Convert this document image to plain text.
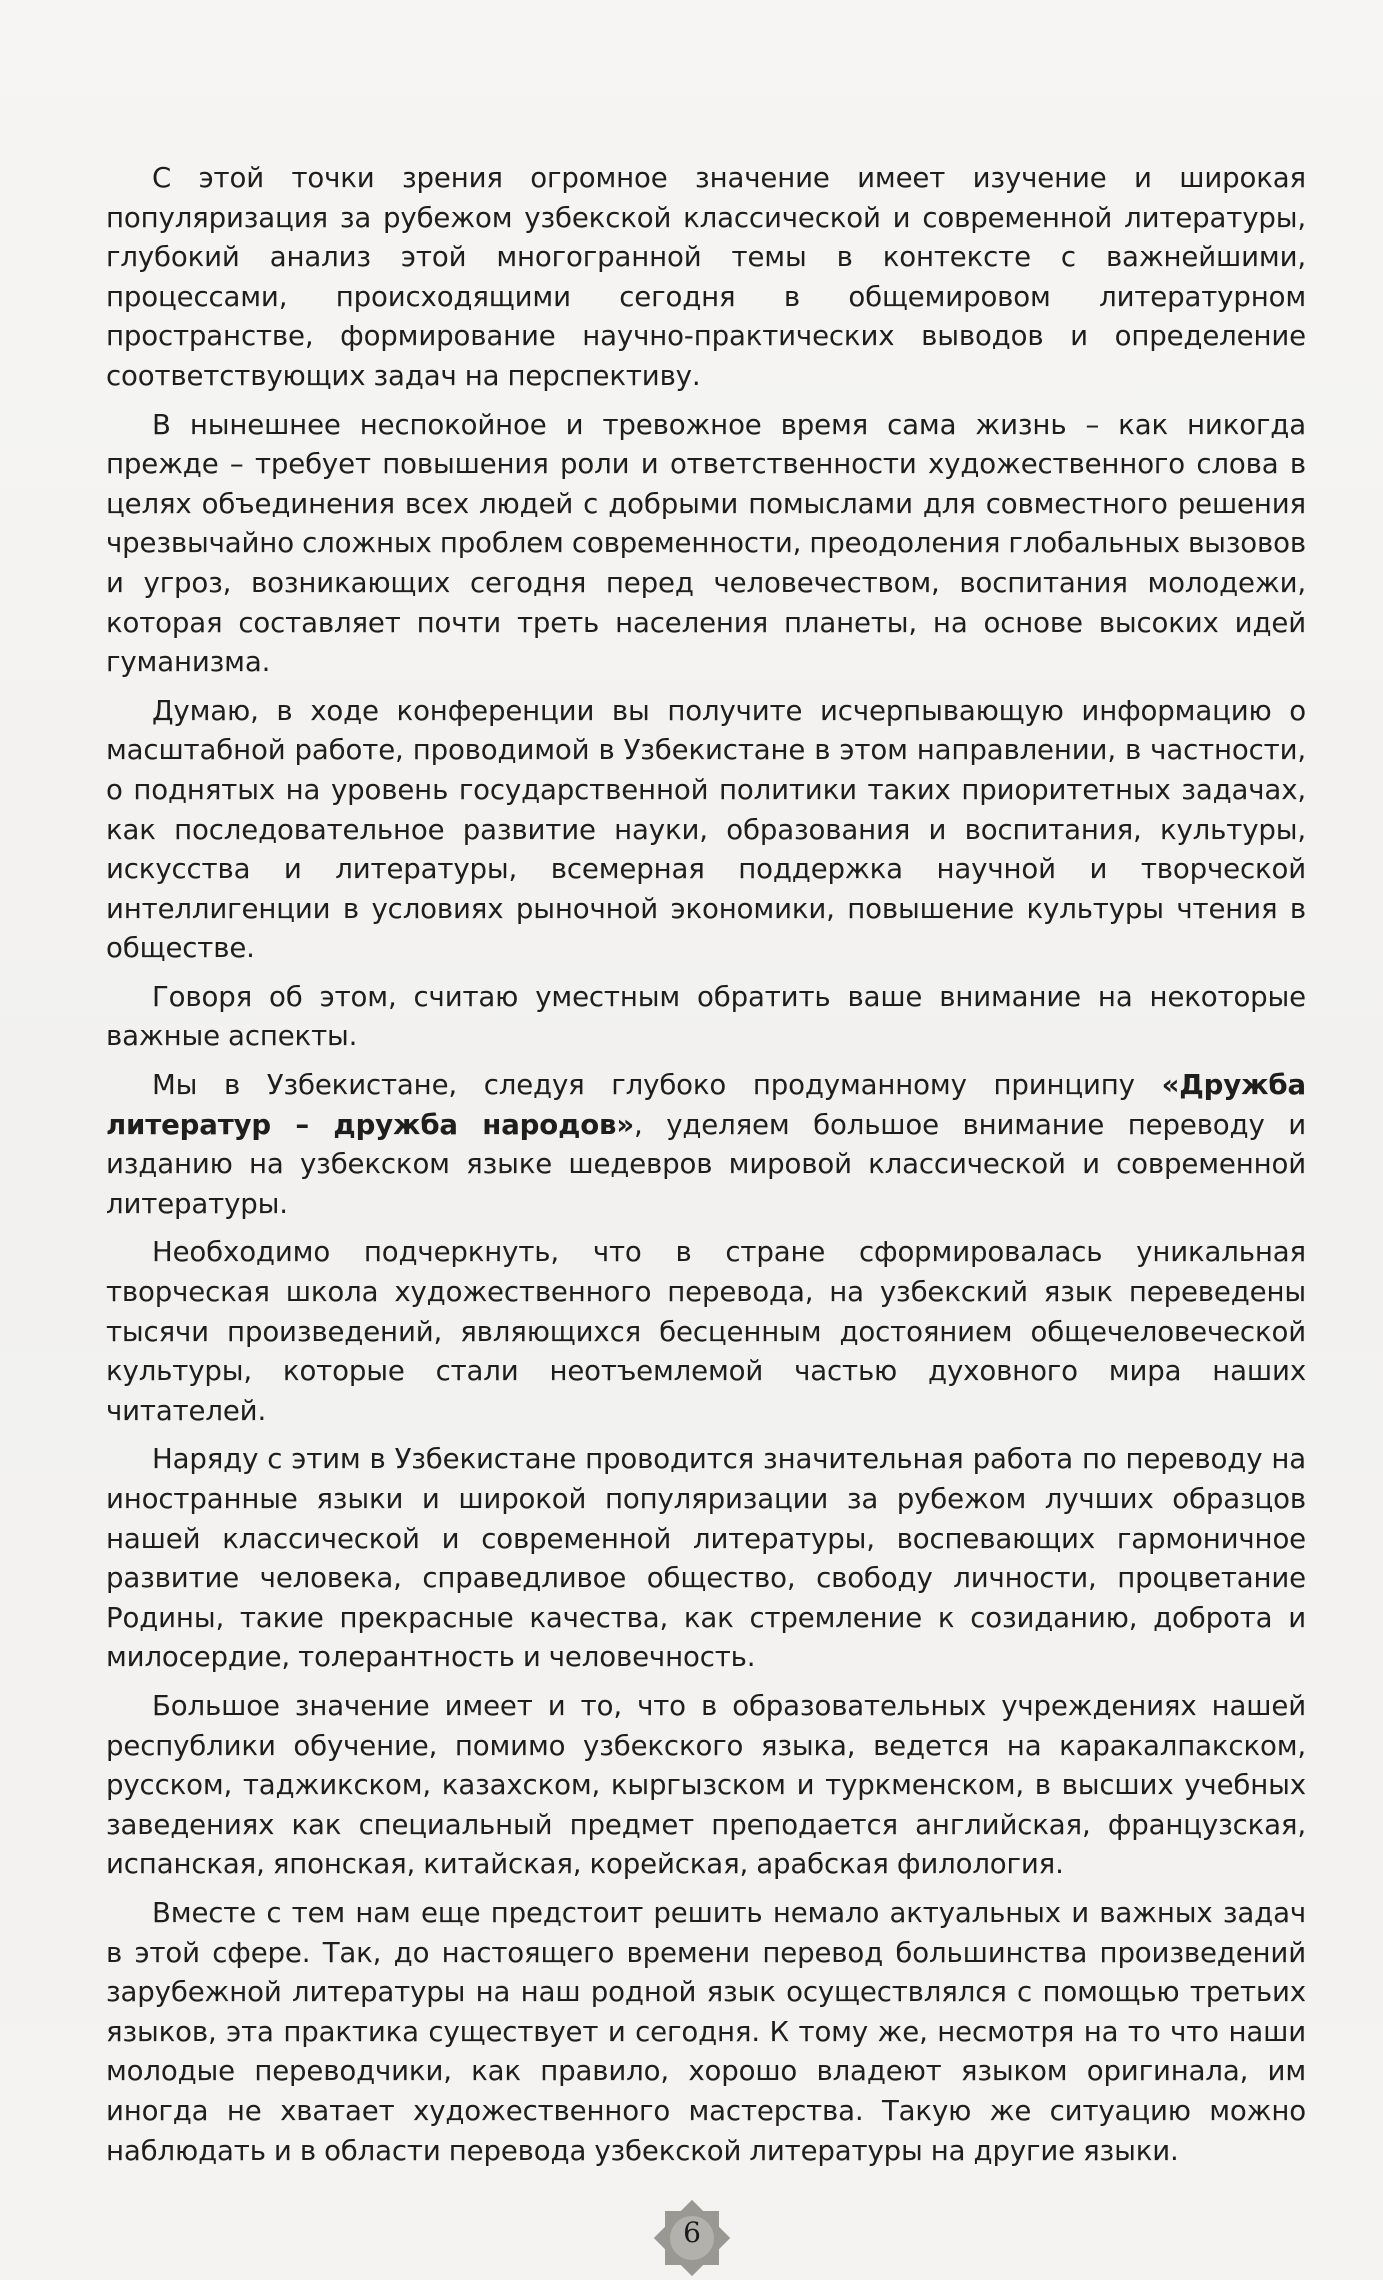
С этой точки зрения огромное значение имеет изучение и широкая популяризация за рубежом узбекской классической и современной литературы, глубокий анализ этой многогранной темы в контексте с важнейшими, процессами, происходящими сегодня в общемировом литературном пространстве, формирование научно-практических выводов и определение соответствующих задач на перспективу.

В нынешнее неспокойное и тревожное время сама жизнь – как никогда прежде – требует повышения роли и ответственности художественного слова в целях объединения всех людей с добрыми помыслами для совместного решения чрезвычайно сложных проблем современности, преодоления глобальных вызовов и угроз, возникающих сегодня перед человечеством, воспитания молодежи, которая составляет почти треть населения планеты, на основе высоких идей гуманизма.

Думаю, в ходе конференции вы получите исчерпывающую информацию о масштабной работе, проводимой в Узбекистане в этом направлении, в частности, о поднятых на уровень государственной политики таких приоритетных задачах, как последовательное развитие науки, образования и воспитания, культуры, искусства и литературы, всемерная поддержка научной и творческой интеллигенции в условиях рыночной экономики, повышение культуры чтения в обществе.

Говоря об этом, считаю уместным обратить ваше внимание на некоторые важные аспекты.

Мы в Узбекистане, следуя глубоко продуманному принципу «Дружба литератур – дружба народов», уделяем большое внимание переводу и изданию на узбекском языке шедевров мировой классической и современной литературы.

Необходимо подчеркнуть, что в стране сформировалась уникальная творческая школа художественного перевода, на узбекский язык переведены тысячи произведений, являющихся бесценным достоянием общечеловеческой культуры, которые стали неотъемлемой частью духовного мира наших читателей.

Наряду с этим в Узбекистане проводится значительная работа по переводу на иностранные языки и широкой популяризации за рубежом лучших образцов нашей классической и современной литературы, воспевающих гармоничное развитие человека, справедливое общество, свободу личности, процветание Родины, такие прекрасные качества, как стремление к созиданию, доброта и милосердие, толерантность и человечность.

Большое значение имеет и то, что в образовательных учреждениях нашей республики обучение, помимо узбекского языка, ведется на каракалпакском, русском, таджикском, казахском, кыргызском и туркменском, в высших учебных заведениях как специальный предмет преподается английская, французская, испанская, японская, китайская, корейская, арабская филология.

Вместе с тем нам еще предстоит решить немало актуальных и важных задач в этой сфере. Так, до настоящего времени перевод большинства произведений зарубежной литературы на наш родной язык осуществлялся с помощью третьих языков, эта практика существует и сегодня. К тому же, несмотря на то что наши молодые переводчики, как правило, хорошо владеют языком оригинала, им иногда не хватает художественного мастерства. Такую же ситуацию можно наблюдать и в области перевода узбекской литературы на другие языки.

6
